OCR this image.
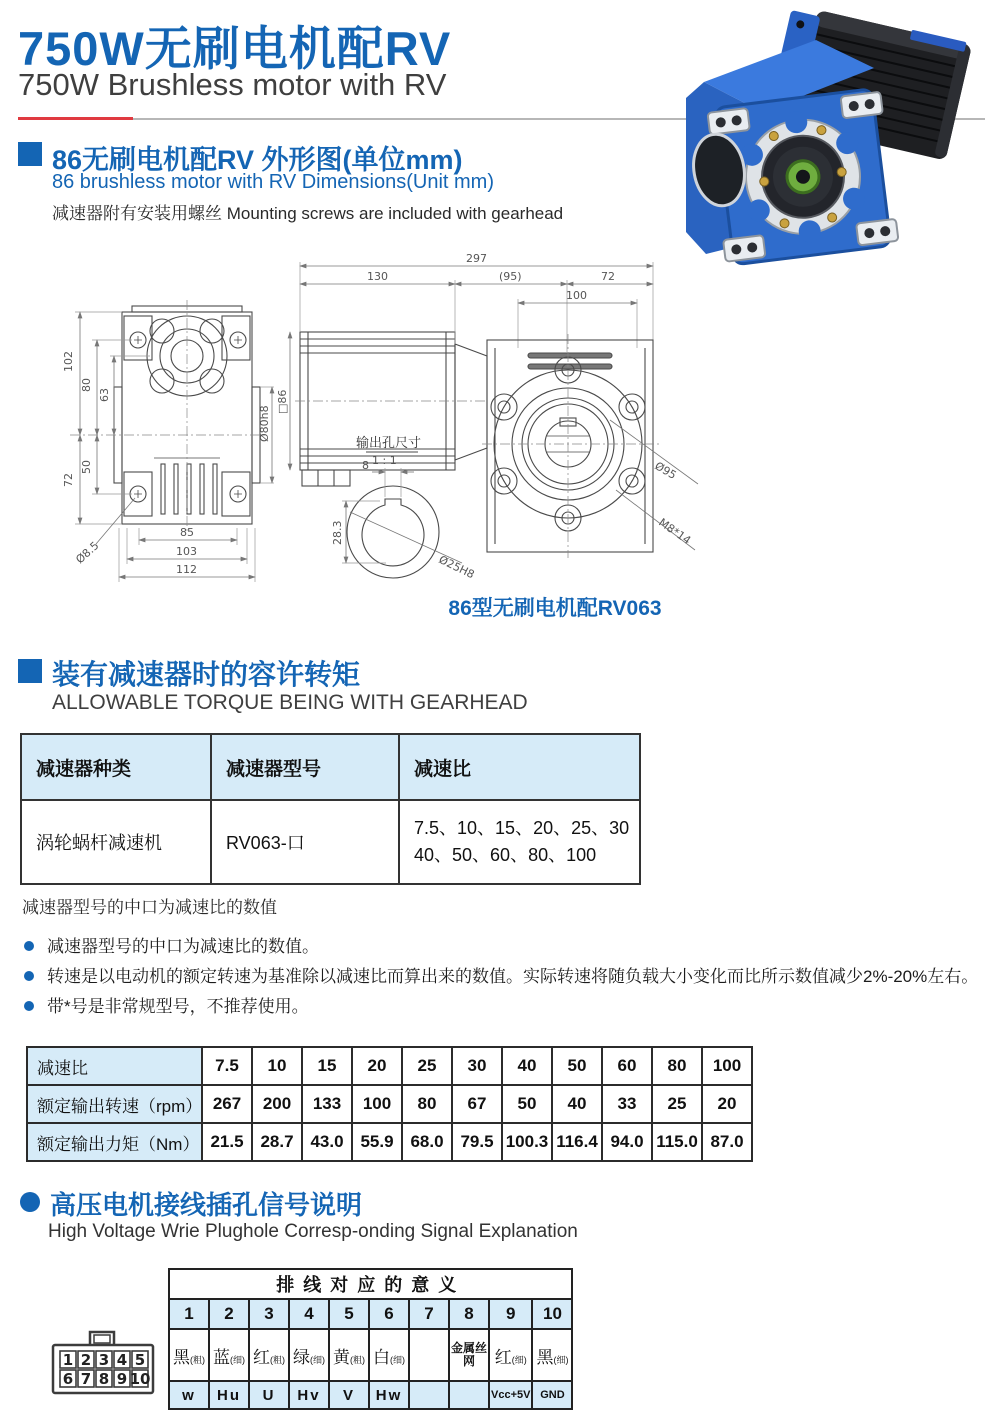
750W无刷电机配RV
750W Brushless motor with RV
86无刷电机配RV 外形图(单位mm)
86 brushless motor with RV Dimensions(Unit mm)
减速器附有安装用螺丝 Mounting screws are included with gearhead
102
80
63
72
50
85
103
112
Ø8.5
Ø80h8
□86
297
130	(95)	72
100
Ø95
M8*14
输出孔尺寸
1 : 1
8
28.3
Ø25H8
86型无刷电机配RV063
装有减速器时的容许转矩
ALLOWABLE TORQUE BEING WITH GEARHEAD
减速器种类	减速器型号	减速比
涡轮蜗杆减速机	RV063-口	7.5、10、15、20、25、30
40、50、60、80、100
减速器型号的中口为减速比的数值
减速器型号的中口为减速比的数值。
转速是以电动机的额定转速为基准除以减速比而算出来的数值。实际转速将随负载大小变化而比所示数值减少2%-20%左右。
带*号是非常规型号，不推荐使用。
减速比	7.5	10	15	20	25	30	40	50	60	80	100
额定输出转速（rpm）	267	200	133	100	80	67	50	40	33	25	20
额定输出力矩（Nm）	21.5	28.7	43.0	55.9	68.0	79.5	100.3	116.4	94.0	115.0	87.0
高压电机接线插孔信号说明
High Voltage Wrie Plughole Corresp-onding Signal Explanation
1 2 3 4 5
6 7 8 9 10
排线对应的意义									
1	2	3	4	5	6	7	8	9	10
黑(粗)	蓝(细)	红(粗)	绿(细)	黄(粗)	白(细)		金属丝网	红(细)	黑(细)
w	Hu	U	Hv	V	Hw			Vcc+5V	GND
